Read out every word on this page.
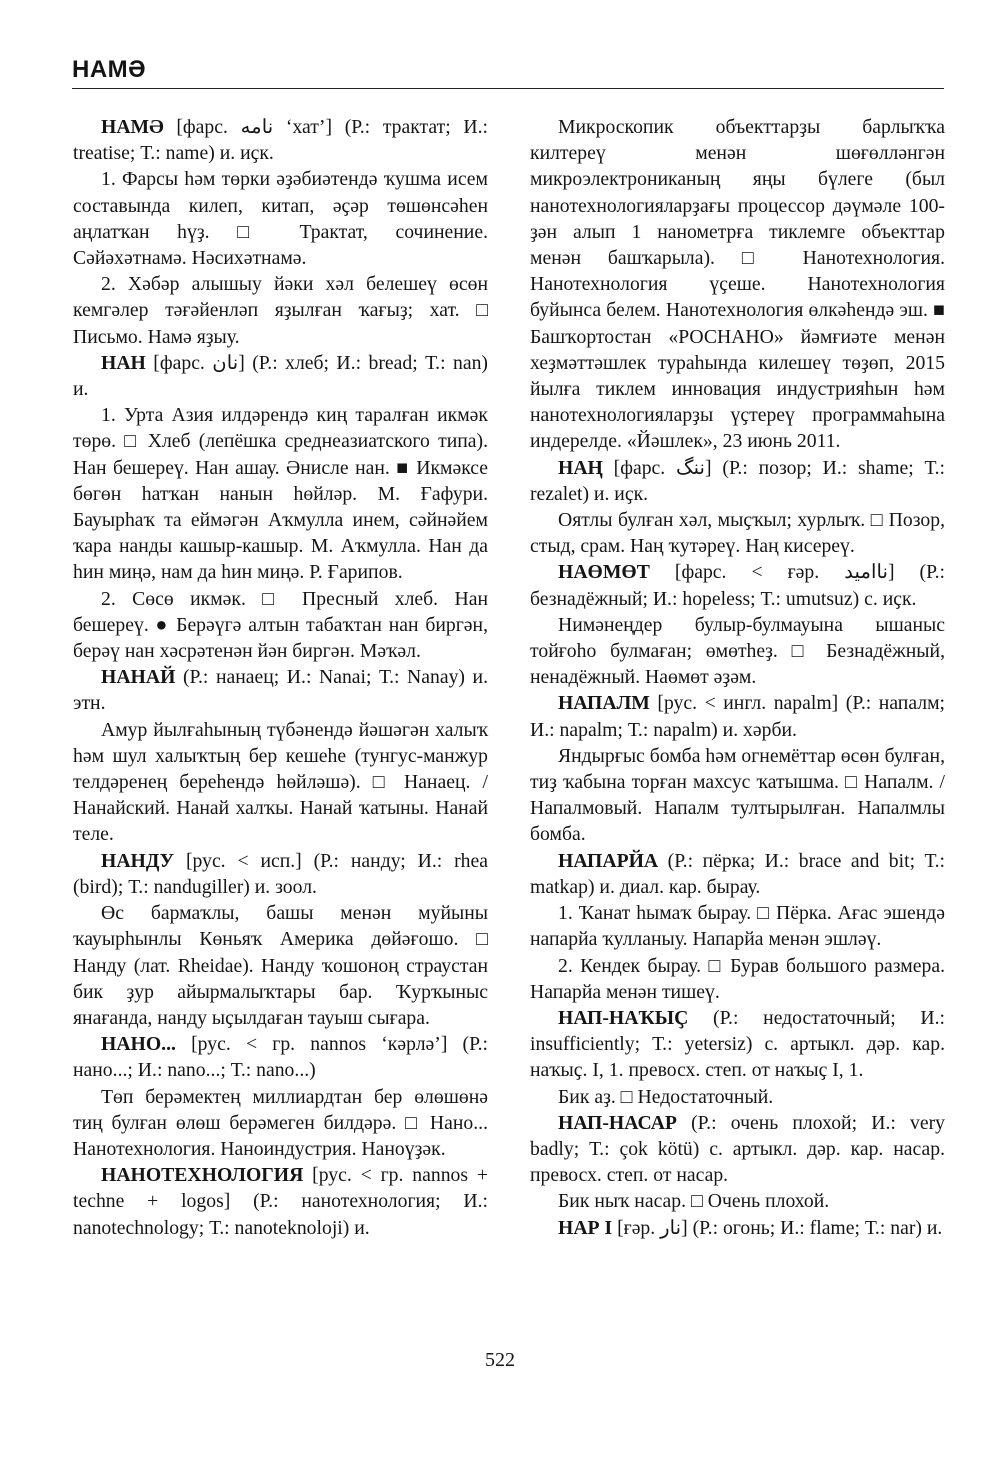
НАМӘ

НАМӘ [фарс. نامه ‘хат’] (Р.: трактат; И.: treatise; Т.: name) и. иҫк.

1. Фарсы һәм төрки әҙәбиәтендә ҡушма исем составында килеп, китап, әҫәр төшөнсәһен аңлатҡан һүҙ. □ Трактат, сочинение. Сәйәхәтнамә. Нәсихәтнамә.

2. Хәбәр алышыу йәки хәл белешеү өсөн кемгәлер тәғәйенләп яҙылған ҡағыҙ; хат. □ Письмо. Намә яҙыу.

НАН [фарс. نان] (Р.: хлеб; И.: bread; Т.: nan) и.

1. Урта Азия илдәрендә киң таралған икмәк төрө. □ Хлеб (лепёшка среднеазиатского типа). Нан бешереү. Нан ашау. Әнисле нан. ■ Икмәксе бөгөн һатҡан нанын һөйләр. М. Ғафури. Бауырһаҡ та еймәгән Аҡмулла инем, сәйнәйем ҡара нанды кашыр-кашыр. М. Аҡмулла. Нан да һин миңә, нам да һин миңә. Р. Ғарипов.

2. Сөсө икмәк. □ Пресный хлеб. Нан бешереү. ● Берәүгә алтын табаҡтан нан биргән, берәү нан хәсрәтенән йән биргән. Мәҡәл.

НАНАЙ (Р.: нанаец; И.: Nanai; Т.: Nanay) и. этн.

Амур йылғаһының түбәнендә йәшәгән халыҡ һәм шул халыҡтың бер кешеһе (тунгус-манжур телдәренең береһендә һөйләшә). □ Нанаец. / Нанайский. Нанай халҡы. Нанай ҡатыны. Нанай теле.

НАНДУ [рус. < исп.] (Р.: нанду; И.: rhea (bird); Т.: nandugiller) и. зоол.

Өс бармаҡлы, башы менән муйыны ҡауырһынлы Көньяҡ Америка дөйәғошо. □ Нанду (лат. Rheidae). Нанду ҡошоноң страустан бик ҙур айырмалыҡтары бар. Ҡурҡыныс янағанда, нанду ыҫылдаған тауыш сығара.

НАНО... [рус. < гр. nannos ‘кәрлә’] (Р.: нано...; И.: nano...; Т.: nano...)

Төп берәмектең миллиардтан бер өлөшөнә тиң булған өлөш берәмеген билдәрә. □ Нано... Нанотехнология. Наноиндустрия. Наноүҙәк.

НАНОТЕХНОЛОГИЯ [рус. < гр. nannos + techne + logos] (Р.: нанотехнология; И.: nanotechnology; Т.: nanoteknoloji) и.

Микроскопик объекттарҙы барлыҡҡа килтереү менән шөғөлләнгән микроэлектрониканың яңы бүлеге (был нанотехнологияларҙағы процессор дәүмәле 100-ҙән алып 1 нанометрға тиклемге объекттар менән башҡарыла). □ Нанотехнология. Нанотехнология үҫеше. Нанотехнология буйынса белем. Нанотехнология өлкәһендә эш. ■ Башҡортостан «РОСНАНО» йәмғиәте менән хеҙмәттәшлек тураһында килешеү төҙөп, 2015 йылға тиклем инновация индустрияһын һәм нанотехнологияларҙы үҫтереү программаһына индерелде. «Йәшлек», 23 июнь 2011.

НАҢ [фарс. ننگ] (Р.: позор; И.: shame; Т.: rezalet) и. иҫк.

Оятлы булған хәл, мыҫҡыл; хурлыҡ. □ Позор, стыд, срам. Наң ҡутәреү. Наң кисереү.

НАӨМӨТ [фарс. < ғәр. ناامید] (Р.: безнадёжный; И.: hopeless; Т.: umutsuz) с. иҫк.

Нимәнеңдер булыр-булмауына ышаныс тойғоһо булмаған; өмөтһеҙ. □ Безнадёжный, ненадёжный. Наөмөт әҙәм.

НАПАЛМ [рус. < ингл. napalm] (Р.: напалм; И.: napalm; Т.: napalm) и. хәрби.

Яндырғыс бомба һәм огнемёттар өсөн булған, тиҙ ҡабына торған махсус ҡатышма. □ Напалм. / Напалмовый. Напалм тултырылған. Напалмлы бомба.

НАПАРЙА (Р.: пёрка; И.: brace and bit; Т.: matkap) и. диал. кар. бырау.

1. Ҡанат һымаҡ бырау. □ Пёрка. Ағас эшендә напарйа ҡулланыу. Напарйа менән эшләү.

2. Кендек бырау. □ Бурав большого размера. Напарйа менән тишеү.

НАП-НАҠЫҪ (Р.: недостаточный; И.: insufficiently; Т.: yetersiz) с. артыкл. дәр. кар. наҡыҫ. I, 1. превосх. степ. от наҡыҫ I, 1.

Бик аҙ. □ Недостаточный.

НАП-НАСАР (Р.: очень плохой; И.: very badly; Т.: çok kötü) с. артыкл. дәр. кар. насар. превосх. степ. от насар.

Бик ныҡ насар. □ Очень плохой.

НАР I [ғәр. نار] (Р.: огонь; И.: flame; Т.: nar) и.

522
